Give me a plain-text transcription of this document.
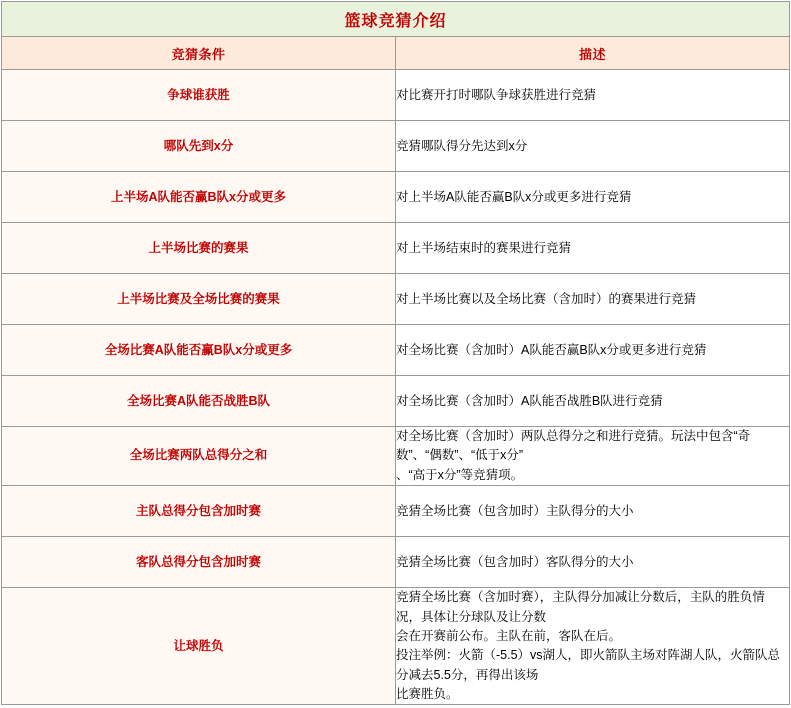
篮球竞猜介绍	
竞猜条件	描述
争球谁获胜	对比赛开打时哪队争球获胜进行竞猜

哪队先到x分	竞猜哪队得分先达到x分

上半场A队能否赢B队x分或更多	对上半场A队能否赢B队x分或更多进行竞猜

上半场比赛的赛果	对上半场结束时的赛果进行竞猜

上半场比赛及全场比赛的赛果	对上半场比赛以及全场比赛（含加时）的赛果进行竞猜

全场比赛A队能否赢B队x分或更多	对全场比赛（含加时）A队能否赢B队x分或更多进行竞猜

全场比赛A队能否战胜B队	对全场比赛（含加时）A队能否战胜B队进行竞猜

全场比赛两队总得分之和	对全场比赛（含加时）两队总得分之和进行竞猜。玩法中包含“奇数”、“偶数”、“低于x分”

、“高于x分”等竞猜项。

主队总得分包含加时赛	竞猜全场比赛（包含加时）主队得分的大小

客队总得分包含加时赛	竞猜全场比赛（包含加时）客队得分的大小

让球胜负	竞猜全场比赛（含加时赛），主队得分加减让分数后，主队的胜负情况，具体让分球队及让分数

会在开赛前公布。主队在前，客队在后。

投注举例：火箭（-5.5）vs湖人，即火箭队主场对阵湖人队，火箭队总分减去5.5分，再得出该场

比赛胜负。
